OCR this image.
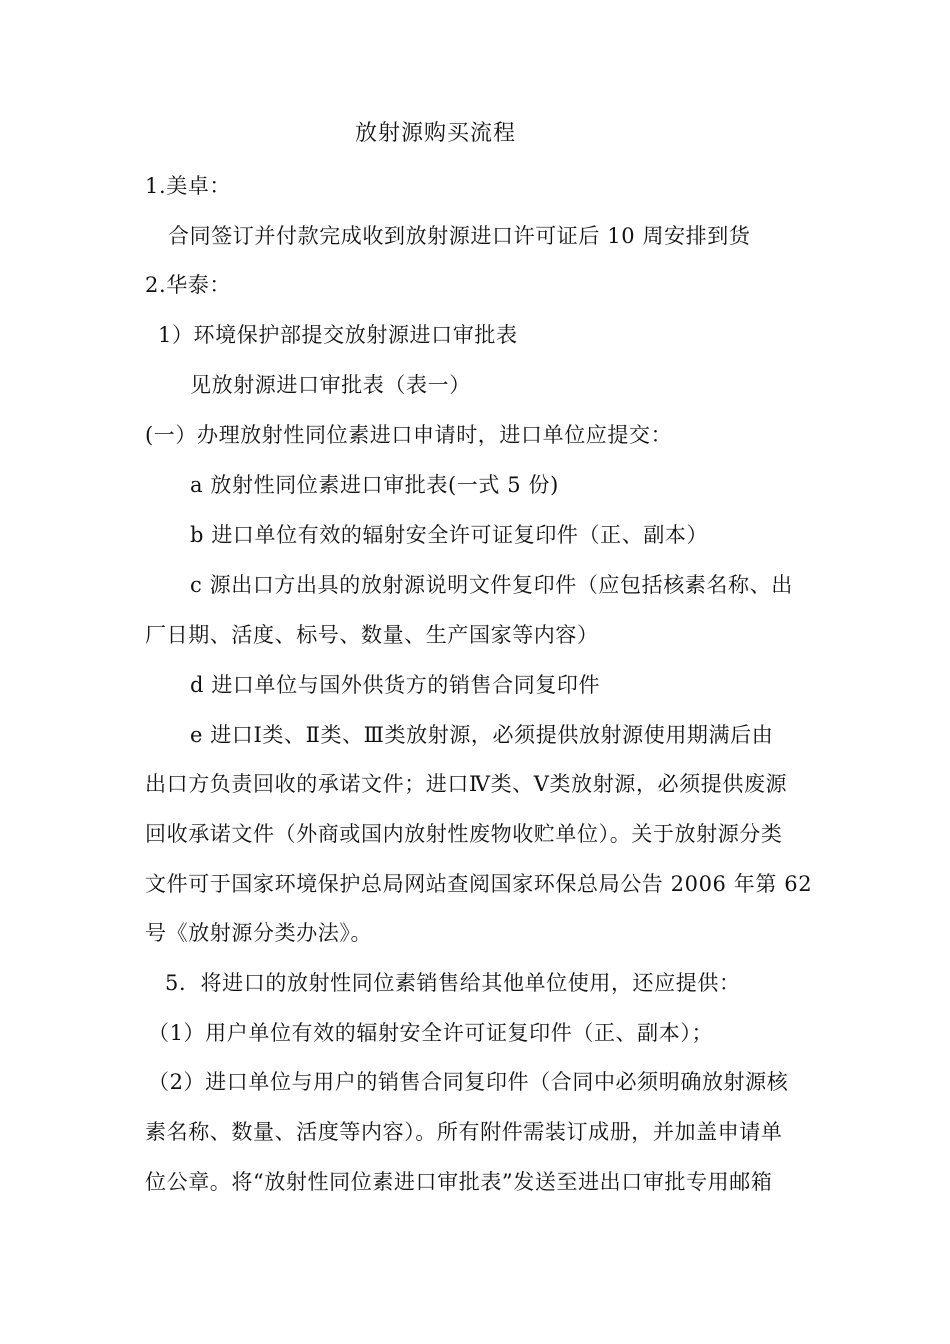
放射源购买流程
1.美卓：
合同签订并付款完成收到放射源进口许可证后 10 周安排到货
2.华泰：
1）环境保护部提交放射源进口审批表
见放射源进口审批表（表一）
(一）办理放射性同位素进口申请时，进口单位应提交：
a 放射性同位素进口审批表(一式 5 份)
b 进口单位有效的辐射安全许可证复印件（正、副本）
c 源出口方出具的放射源说明文件复印件（应包括核素名称、出
厂日期、活度、标号、数量、生产国家等内容）
d 进口单位与国外供货方的销售合同复印件
e 进口Ⅰ类、Ⅱ类、Ⅲ类放射源，必须提供放射源使用期满后由
出口方负责回收的承诺文件；进口Ⅳ类、Ⅴ类放射源，必须提供废源
回收承诺文件（外商或国内放射性废物收贮单位）。关于放射源分类
文件可于国家环境保护总局网站查阅国家环保总局公告 2006 年第 62
号《放射源分类办法》。
5．将进口的放射性同位素销售给其他单位使用，还应提供：
（1）用户单位有效的辐射安全许可证复印件（正、副本）；
（2）进口单位与用户的销售合同复印件（合同中必须明确放射源核
素名称、数量、活度等内容）。所有附件需装订成册，并加盖申请单
位公章。将“放射性同位素进口审批表”发送至进出口审批专用邮箱
